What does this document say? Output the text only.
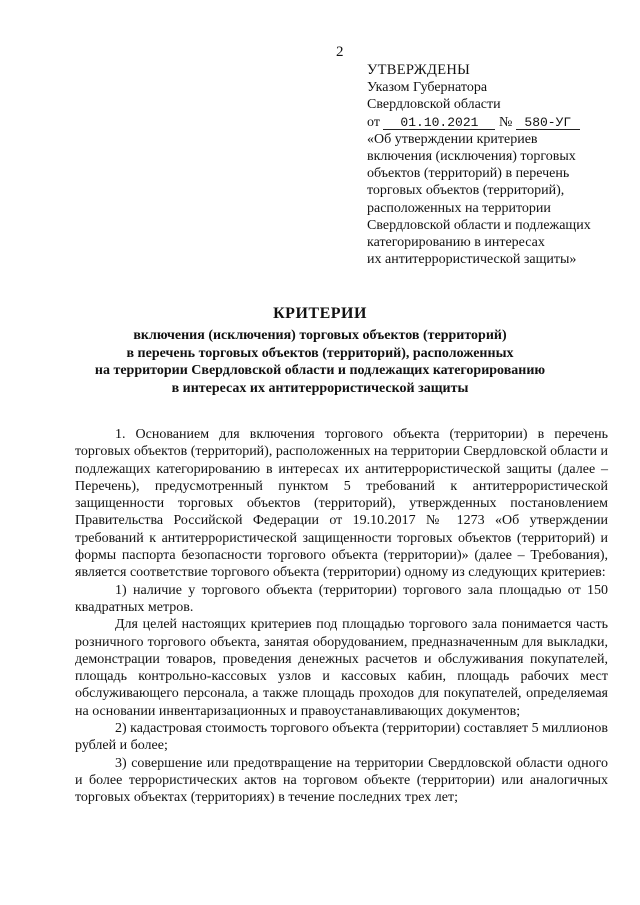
2
УТВЕРЖДЕНЫ
Указом Губернатора
Свердловской области
от 01.10.2021 № 580-УГ
«Об утверждении критериев
включения (исключения) торговых
объектов (территорий) в перечень
торговых объектов (территорий),
расположенных на территории
Свердловской области и подлежащих
категорированию в интересах
их антитеррористической защиты»
КРИТЕРИИ
включения (исключения) торговых объектов (территорий)
в перечень торговых объектов (территорий), расположенных
на территории Свердловской области и подлежащих категорированию
в интересах их антитеррористической защиты

1. Основанием для включения торгового объекта (территории) в перечень торговых объектов (территорий), расположенных на территории Свердловской области и подлежащих категорированию в интересах их антитеррористической защиты (далее – Перечень), предусмотренный пунктом 5 требований к антитеррористической защищенности торговых объектов (территорий), утвержденных постановлением Правительства Российской Федерации от 19.10.2017 № 1273 «Об утверждении требований к антитеррористической защищенности торговых объектов (территорий) и формы паспорта безопасности торгового объекта (территории)» (далее – Требования), является соответствие торгового объекта (территории) одному из следующих критериев:

1) наличие у торгового объекта (территории) торгового зала площадью от 150 квадратных метров.

Для целей настоящих критериев под площадью торгового зала понимается часть розничного торгового объекта, занятая оборудованием, предназначенным для выкладки, демонстрации товаров, проведения денежных расчетов и обслуживания покупателей, площадь контрольно-кассовых узлов и кассовых кабин, площадь рабочих мест обслуживающего персонала, а также площадь проходов для покупателей, определяемая на основании инвентаризационных и правоустанавливающих документов;

2) кадастровая стоимость торгового объекта (территории) составляет 5 миллионов рублей и более;

3) совершение или предотвращение на территории Свердловской области одного и более террористических актов на торговом объекте (территории) или аналогичных торговых объектах (территориях) в течение последних трех лет;
